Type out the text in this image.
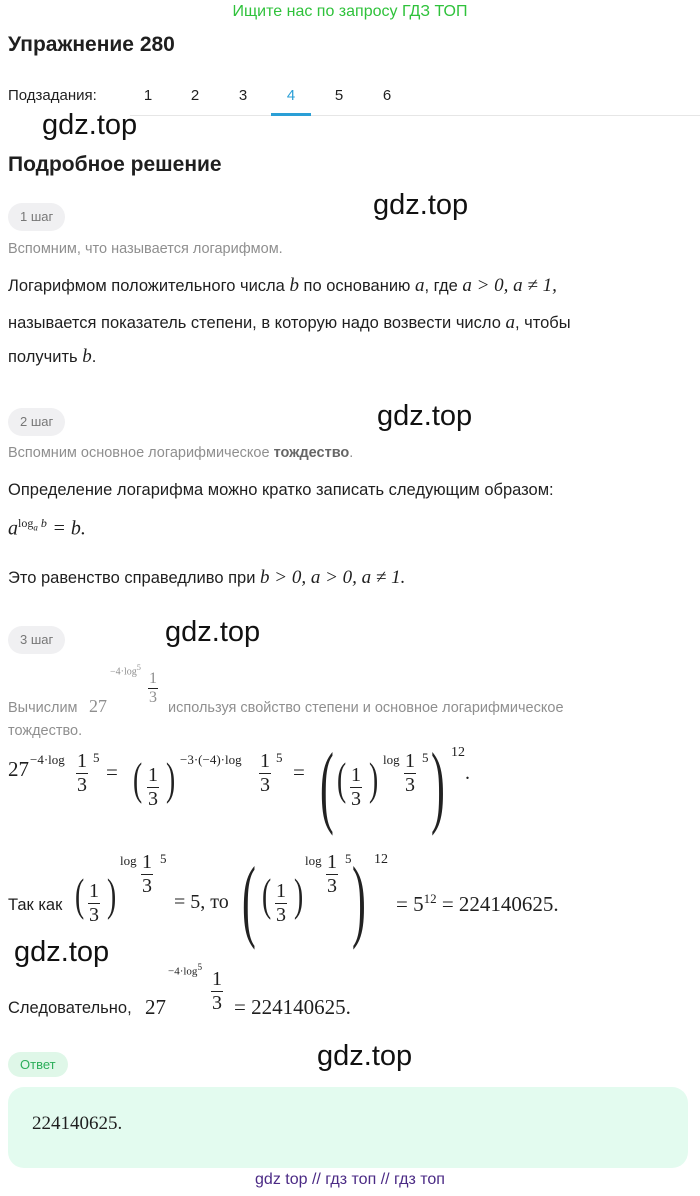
Ищите нас по запросу ГДЗ ТОП
Упражнение 280
Подзадания:	1	2	3	4	5	6
gdz.top
Подробное решение
1 шаг	gdz.top
Вспомним, что называется логарифмом.
Логарифмом положительного числа b по основанию a, где a > 0, a ≠ 1,
называется показатель степени, в которую надо возвести число a, чтобы
получить b.
2 шаг	gdz.top
Вспомним основное логарифмическое тождество.
Определение логарифма можно кратко записать следующим образом:
$a^{log_a b} = b$.
Это равенство справедливо при b > 0, a > 0, a ≠ 1.
3 шаг	gdz.top
Вычислим 27
$-4\cdot\log^5$
$\frac{1}{3}$
используя свойство степени и основное логарифмическое
тождество.
$27 -4\cdot\log \frac{1}{3} 5$
= ( $\frac{1}{3}$ ) $-3\cdot(-4)\cdot\log \frac{1}{3} 5$
= ( ( $\frac{1}{3}$ ) $\log \frac{1}{3} 5$ ) 12
.
Так как ( $\frac{1}{3}$ )
$\log \frac{1}{3} 5$
= 5, то ( ( $\frac{1}{3}$ )
$\log \frac{1}{3} 5$ ) 12
= $5^{12} = 224140625$.
gdz.top
Следовательно, 27
$-4\cdot\log^5$
$\frac{1}{3} = 224140625$.
Ответ	gdz.top
224140625.
gdz top // гдз топ // гдз топ
